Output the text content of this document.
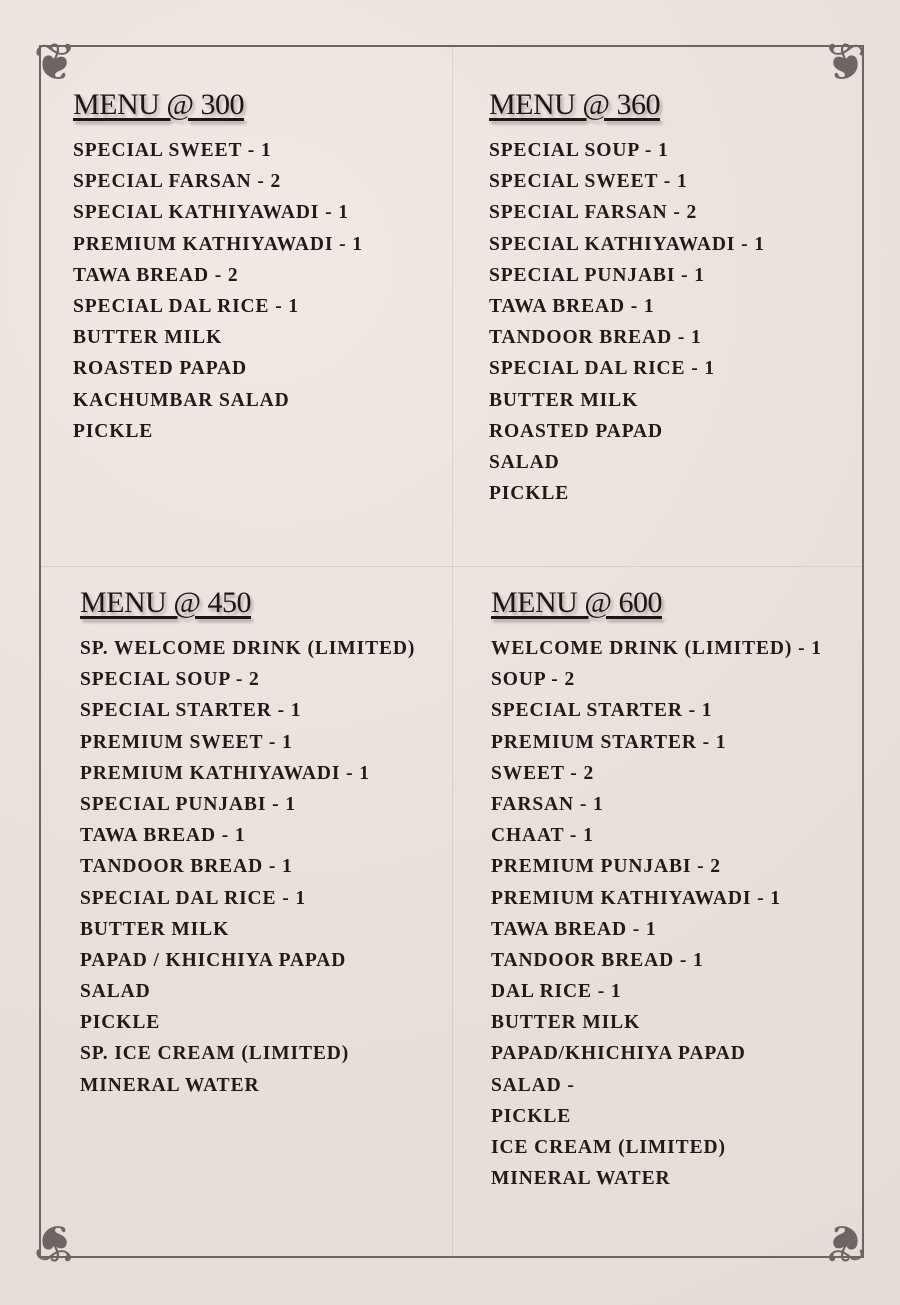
❦	❦
❦	❦
MENU @ 300
SPECIAL SWEET - 1
SPECIAL FARSAN - 2
SPECIAL KATHIYAWADI - 1
PREMIUM KATHIYAWADI - 1
TAWA BREAD - 2
SPECIAL DAL RICE - 1
BUTTER MILK
ROASTED PAPAD
KACHUMBAR SALAD
PICKLE
MENU @ 360
SPECIAL SOUP - 1
SPECIAL SWEET - 1
SPECIAL FARSAN - 2
SPECIAL KATHIYAWADI - 1
SPECIAL PUNJABI - 1
TAWA BREAD - 1
TANDOOR BREAD - 1
SPECIAL DAL RICE - 1
BUTTER MILK
ROASTED PAPAD
SALAD
PICKLE
MENU @ 450
SP. WELCOME DRINK (LIMITED)
SPECIAL SOUP - 2
SPECIAL STARTER - 1
PREMIUM SWEET - 1
PREMIUM KATHIYAWADI - 1
SPECIAL PUNJABI - 1
TAWA BREAD - 1
TANDOOR BREAD - 1
SPECIAL DAL RICE - 1
BUTTER MILK
PAPAD / KHICHIYA PAPAD
SALAD
PICKLE
SP. ICE CREAM (LIMITED)
MINERAL WATER
MENU @ 600
WELCOME DRINK (LIMITED) - 1
SOUP - 2
SPECIAL STARTER - 1
PREMIUM STARTER - 1
SWEET - 2
FARSAN - 1
CHAAT - 1
PREMIUM PUNJABI - 2
PREMIUM KATHIYAWADI - 1
TAWA BREAD - 1
TANDOOR BREAD - 1
DAL RICE - 1
BUTTER MILK
PAPAD/KHICHIYA PAPAD
SALAD -
PICKLE
ICE CREAM (LIMITED)
MINERAL WATER
